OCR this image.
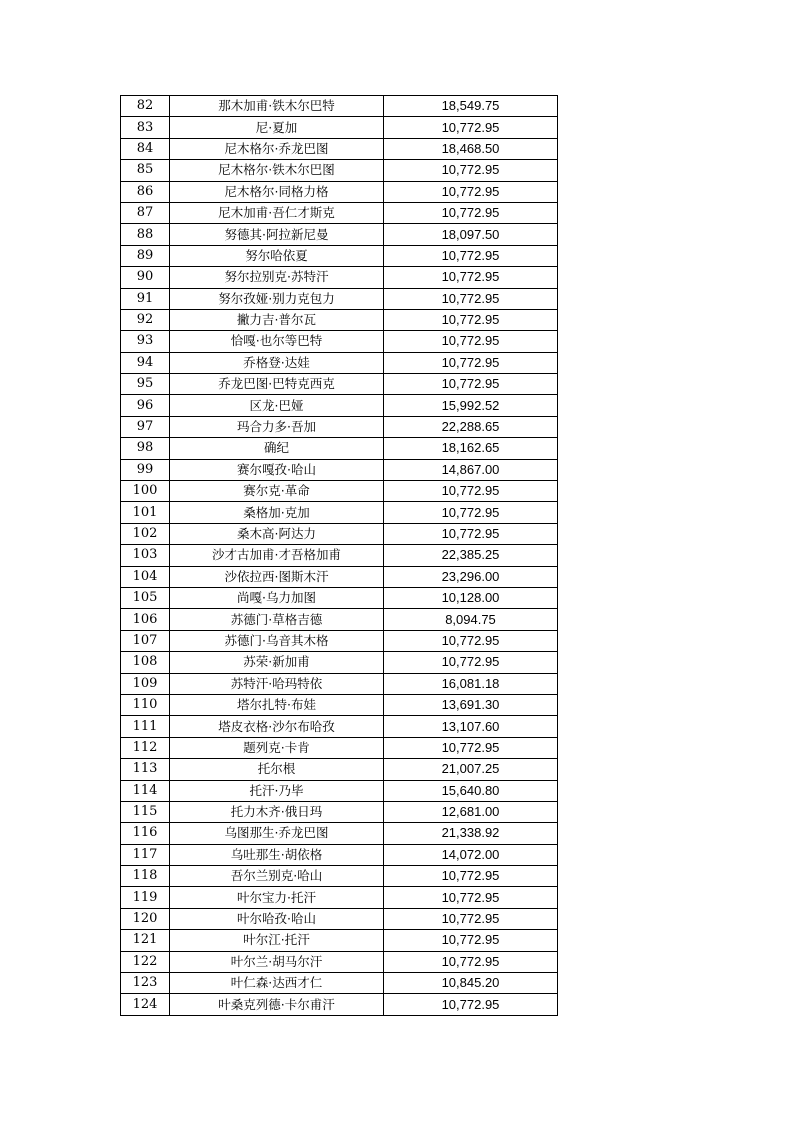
82	那木加甫·铁木尔巴特	18,549.75
83	尼·夏加	10,772.95
84	尼木格尔·乔龙巴图	18,468.50
85	尼木格尔·铁木尔巴图	10,772.95
86	尼木格尔·同格力格	10,772.95
87	尼木加甫·吾仁才斯克	10,772.95
88	努德其·阿拉新尼曼	18,097.50
89	努尔哈依夏	10,772.95
90	努尔拉别克·苏特汗	10,772.95
91	努尔孜娅·别力克包力	10,772.95
92	撇力吉·普尔瓦	10,772.95
93	恰嘎·也尔等巴特	10,772.95
94	乔格登·达娃	10,772.95
95	乔龙巴图·巴特克西克	10,772.95
96	区龙·巴娅	15,992.52
97	玛合力多·吾加	22,288.65
98	确纪	18,162.65
99	赛尔嘎孜·哈山	14,867.00
100	赛尔克·革命	10,772.95
101	桑格加·克加	10,772.95
102	桑木高·阿达力	10,772.95
103	沙才古加甫·才吾格加甫	22,385.25
104	沙依拉西·图斯木汗	23,296.00
105	尚嘎·乌力加图	10,128.00
106	苏德门·草格吉德	8,094.75
107	苏德门·乌音其木格	10,772.95
108	苏荣·新加甫	10,772.95
109	苏特汗·哈玛特依	16,081.18
110	塔尔扎特·布娃	13,691.30
111	塔皮衣格·沙尔布哈孜	13,107.60
112	题列克·卡肯	10,772.95
113	托尔根	21,007.25
114	托汗·乃毕	15,640.80
115	托力木齐·俄日玛	12,681.00
116	乌图那生·乔龙巴图	21,338.92
117	乌吐那生·胡依格	14,072.00
118	吾尔兰别克·哈山	10,772.95
119	叶尔宝力·托汗	10,772.95
120	叶尔哈孜·哈山	10,772.95
121	叶尔江·托汗	10,772.95
122	叶尔兰·胡马尔汗	10,772.95
123	叶仁森·达西才仁	10,845.20
124	叶桑克列德·卡尔甫汗	10,772.95
